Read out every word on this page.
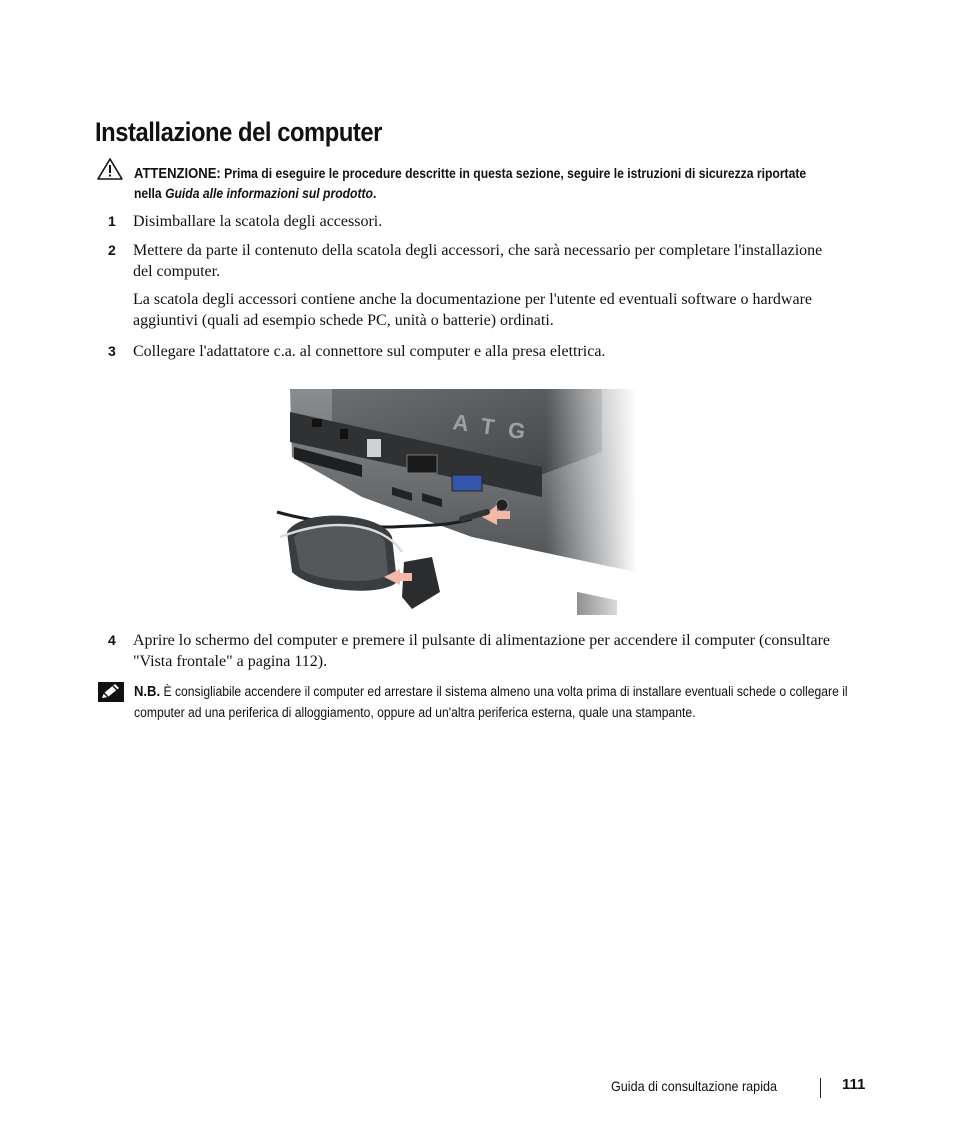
Installazione del computer
ATTENZIONE: Prima di eseguire le procedure descritte in questa sezione, seguire le istruzioni di sicurezza riportate nella Guida alle informazioni sul prodotto.
1 Disimballare la scatola degli accessori.
2 Mettere da parte il contenuto della scatola degli accessori, che sarà necessario per completare l'installazione del computer.
La scatola degli accessori contiene anche la documentazione per l'utente ed eventuali software o hardware aggiuntivi (quali ad esempio schede PC, unità o batterie) ordinati.
3 Collegare l'adattatore c.a. al connettore sul computer e alla presa elettrica.
4 Aprire lo schermo del computer e premere il pulsante di alimentazione per accendere il computer (consultare "Vista frontale" a pagina 112).
N.B. È consigliabile accendere il computer ed arrestare il sistema almeno una volta prima di installare eventuali schede o collegare il computer ad una periferica di alloggiamento, oppure ad un'altra periferica esterna, quale una stampante.
Guida di consultazione rapida	111
